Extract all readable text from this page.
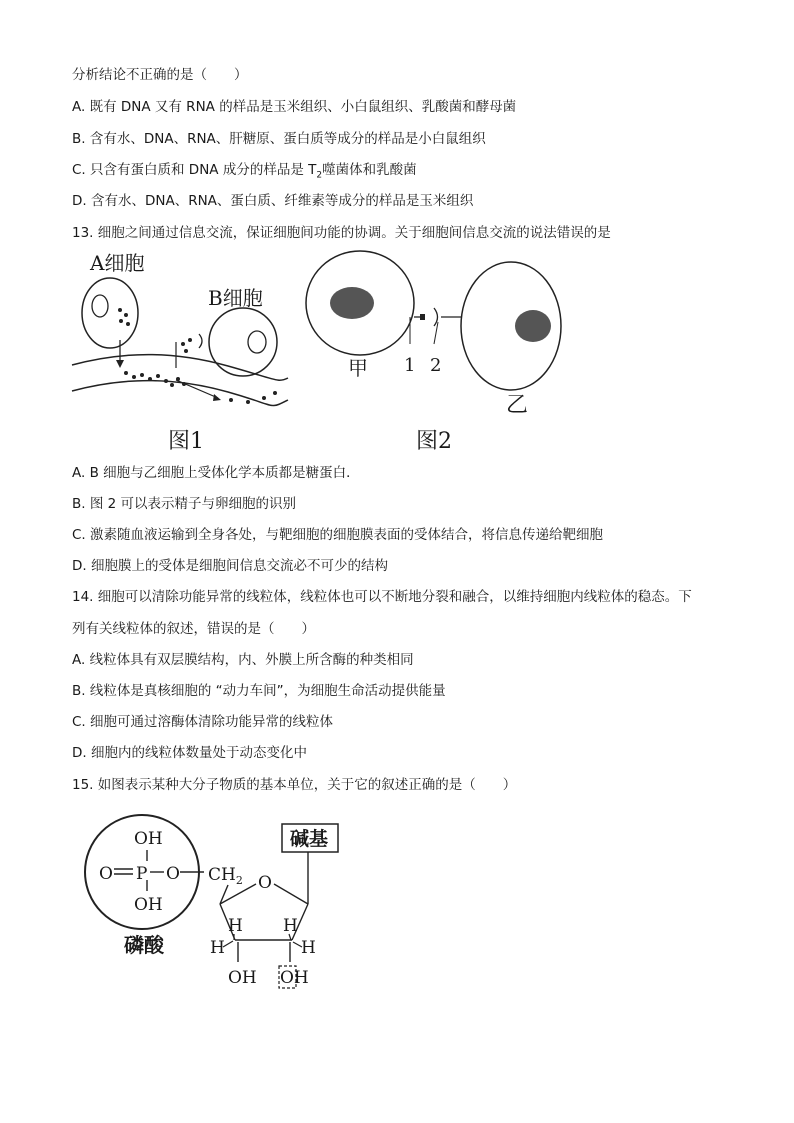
分析结论不正确的是（　　）
A. 既有 DNA 又有 RNA 的样品是玉米组织、小白鼠组织、乳酸菌和酵母菌
B. 含有水、DNA、RNA、肝糖原、蛋白质等成分的样品是小白鼠组织
C. 只含有蛋白质和 DNA 成分的样品是 $T_2$噬菌体和乳酸菌
D. 含有水、DNA、RNA、蛋白质、纤维素等成分的样品是玉米组织
13. 细胞之间通过信息交流，保证细胞间功能的协调。关于细胞间信息交流的说法错误的是
A细胞
B细胞
图1
甲 1 2
乙
图2
A. B 细胞与乙细胞上受体化学本质都是糖蛋白．
B. 图 2 可以表示精子与卵细胞的识别
C. 激素随血液运输到全身各处，与靶细胞的细胞膜表面的受体结合，将信息传递给靶细胞
D. 细胞膜上的受体是细胞间信息交流必不可少的结构
14. 细胞可以清除功能异常的线粒体，线粒体也可以不断地分裂和融合，以维持细胞内线粒体的稳态。下
列有关线粒体的叙述，错误的是（　　）
A. 线粒体具有双层膜结构，内、外膜上所含酶的种类相同
B. 线粒体是真核细胞的 “动力车间”，为细胞生命活动提供能量
C. 细胞可通过溶酶体清除功能异常的线粒体
D. 细胞内的线粒体数量处于动态变化中
15. 如图表示某种大分子物质的基本单位，关于它的叙述正确的是（　　）
OH
O P O
OH
磷酸
$CH_2$ O
碱基
H
H
H
H
OH OH
